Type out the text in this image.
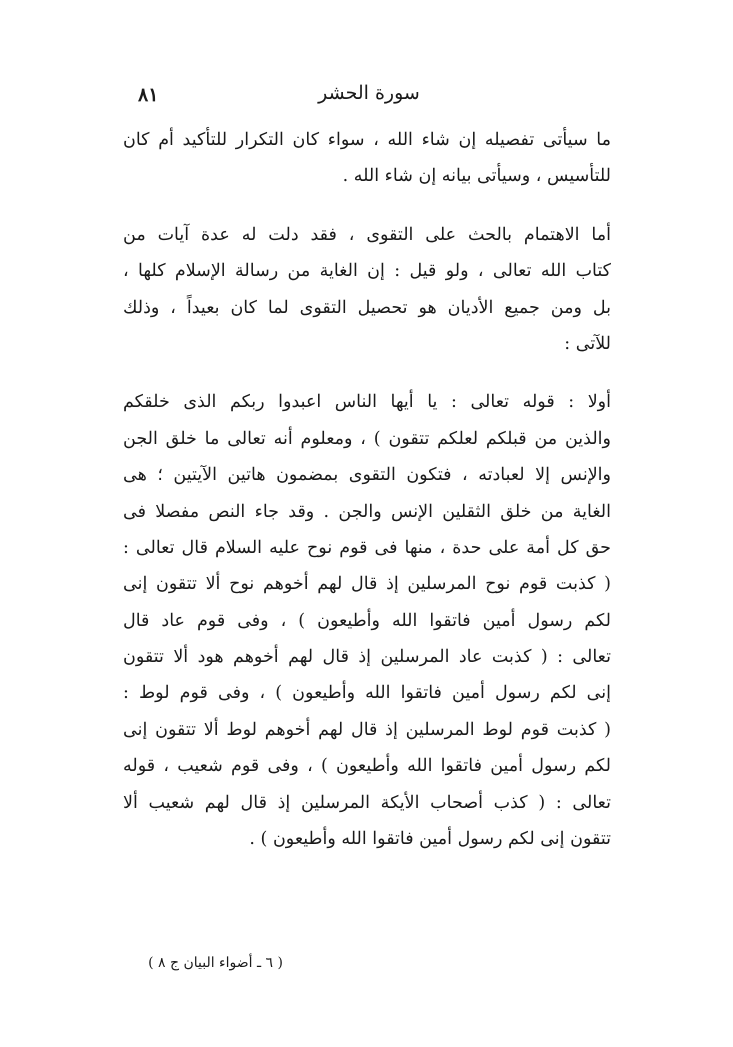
سورة الحشر
٨١
ما سيأتى تفصيله إن شاء الله ، سواء كان التكرار للتأكيد أم كان
للتأسيس ، وسيأتى بيانه إن شاء الله .
أما الاهتمام بالحث على التقوى ، فقد دلت له عدة آيات من
كتاب الله تعالى ، ولو قيل : إن الغاية من رسالة الإسلام كلها ،
بل ومن جميع الأديان هو تحصيل التقوى لما كان بعيداً ، وذلك
للآتى :
أولا : قوله تعالى : يا أيها الناس اعبدوا ربكم الذى خلقكم
والذين من قبلكم لعلكم تتقون ) ، ومعلوم أنه تعالى ما خلق الجن
والإنس إلا لعبادته ، فتكون التقوى بمضمون هاتين الآيتين ؛ هى
الغاية من خلق الثقلين الإنس والجن . وقد جاء النص مفصلا فى
حق كل أمة على حدة ، منها فى قوم نوح عليه السلام قال تعالى :
( كذبت قوم نوح المرسلين إذ قال لهم أخوهم نوح ألا تتقون إنى
لكم رسول أمين فاتقوا الله وأطيعون ) ، وفى قوم عاد قال
تعالى : ( كذبت عاد المرسلين إذ قال لهم أخوهم هود ألا تتقون
إنى لكم رسول أمين فاتقوا الله وأطيعون ) ، وفى قوم لوط :
( كذبت قوم لوط المرسلين إذ قال لهم أخوهم لوط ألا تتقون إنى
لكم رسول أمين فاتقوا الله وأطيعون ) ، وفى قوم شعيب ، قوله
تعالى : ( كذب أصحاب الأيكة المرسلين إذ قال لهم شعيب ألا
تتقون إنى لكم رسول أمين فاتقوا الله وأطيعون ) .
( ٦ ـ أضواء البيان ج ٨ )
